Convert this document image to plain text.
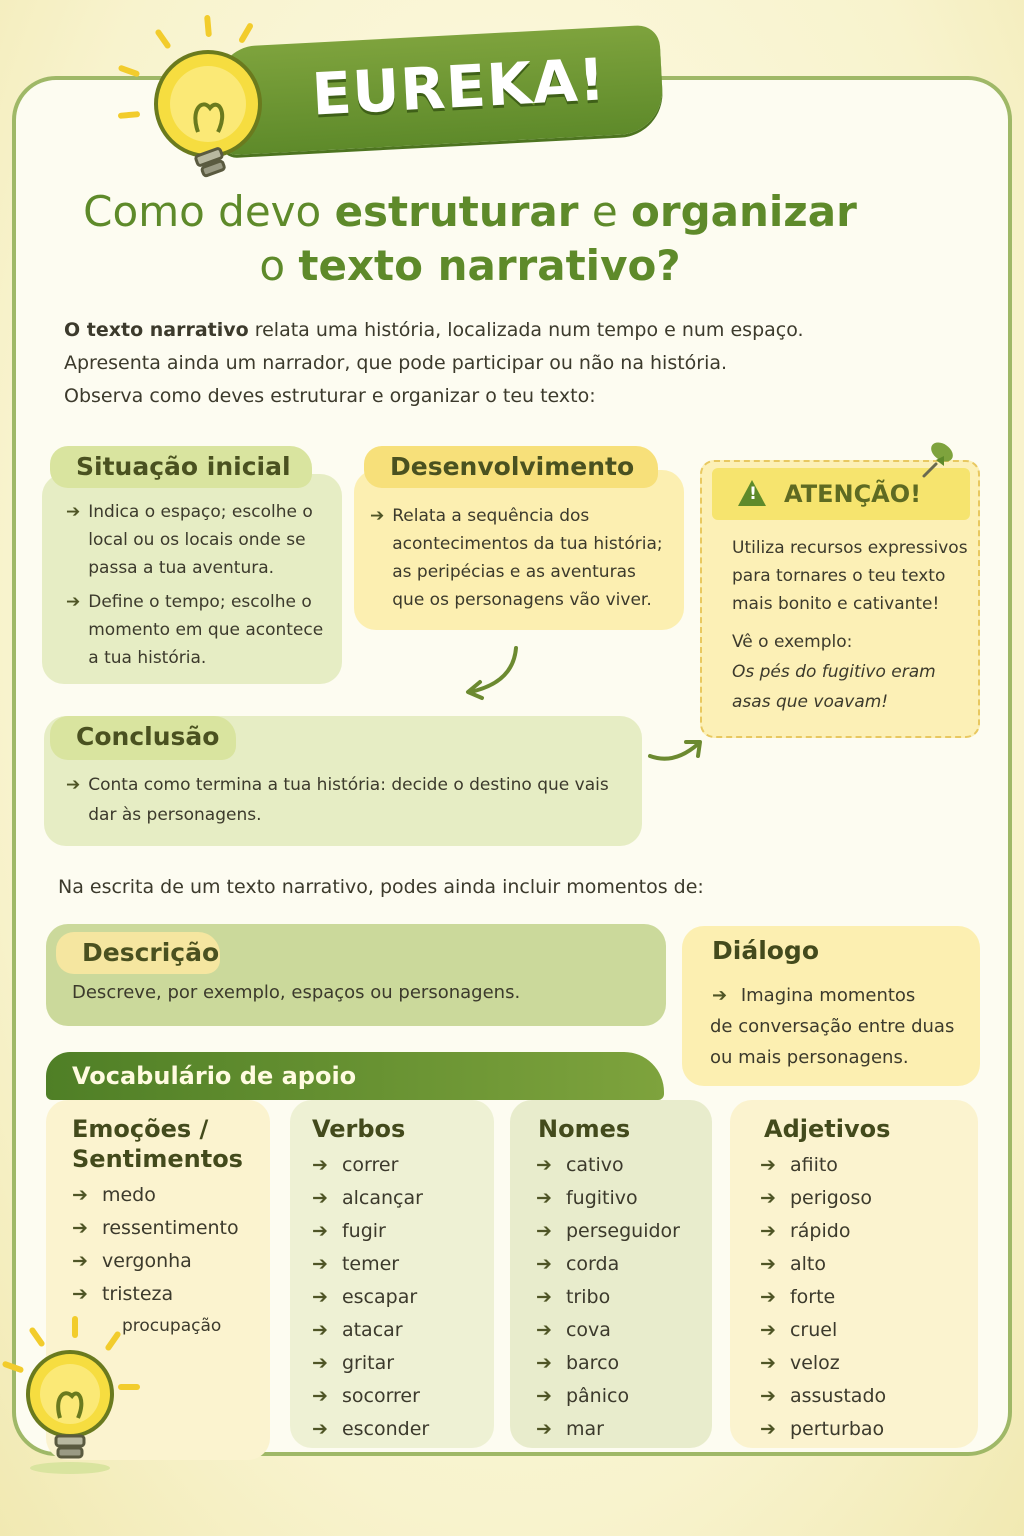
EUREKA!
Como devo estruturar e organizar
o texto narrativo?
O texto narrativo relata uma história, localizada num tempo e num espaço.
Apresenta ainda um narrador, que pode participar ou não na história.
Observa como deves estruturar e organizar o teu texto:
Situação inicial
➔ Indica o espaço; escolhe o local ou os locais onde se passa a tua aventura.
➔ Define o tempo; escolhe o momento em que acontece a tua história.
Desenvolvimento
➔ Relata a sequência dos acontecimentos da tua história; as peripécias e as aventuras que os personagens vão viver.
ATENÇÃO!
!
Utiliza recursos expressivos para tornares o teu texto mais bonito e cativante!
Vê o exemplo:
Os pés do fugitivo eram asas que voavam!
Conclusão
➔ Conta como termina a tua história: decide o destino que vais dar às personagens.
Na escrita de um texto narrativo, podes ainda incluir momentos de:
Descrição
Descreve, por exemplo, espaços ou personagens.
Diálogo
➔ Imagina momentos
de conversação entre duas
ou mais personagens.
Vocabulário de apoio
Emoções /
Sentimentos
➔ medo
➔ ressentimento
➔ vergonha
➔ tristeza
procupação
Verbos
➔ correr
➔ alcançar
➔ fugir
➔ temer
➔ escapar
➔ atacar
➔ gritar
➔ socorrer
➔ esconder
Nomes
➔ cativo
➔ fugitivo
➔ perseguidor
➔ corda
➔ tribo
➔ cova
➔ barco
➔ pânico
➔ mar
Adjetivos
➔ afiito
➔ perigoso
➔ rápido
➔ alto
➔ forte
➔ cruel
➔ veloz
➔ assustado
➔ perturbao
